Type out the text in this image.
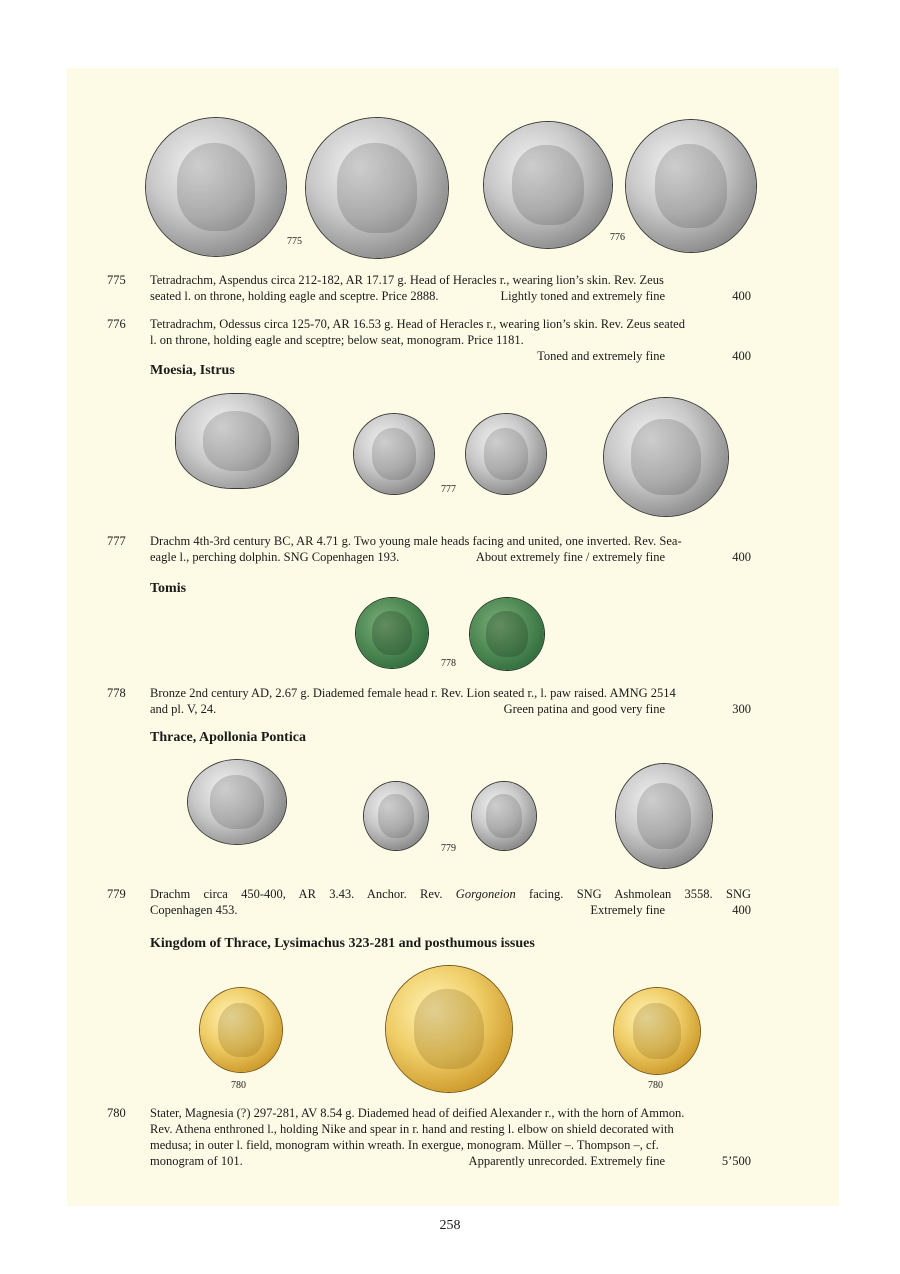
775	776
775	Tetradrachm, Aspendus circa 212-182, AR 17.17 g. Head of Heracles r., wearing lion’s skin. Rev. Zeus
seated l. on throne, holding eagle and sceptre. Price 2888.	Lightly toned and extremely fine	400
776	Tetradrachm, Odessus circa 125-70, AR 16.53 g. Head of Heracles r., wearing lion’s skin. Rev. Zeus seated
l. on throne, holding eagle and sceptre; below seat, monogram. Price 1181.
Toned and extremely fine	400
Moesia, Istrus
777
777	Drachm 4th-3rd century BC, AR 4.71 g. Two young male heads facing and united, one inverted. Rev. Sea-
eagle l., perching dolphin. SNG Copenhagen 193.	About extremely fine / extremely fine	400
Tomis
778
778	Bronze 2nd century AD, 2.67 g. Diademed female head r. Rev. Lion seated r., l. paw raised. AMNG 2514
and pl. V, 24.	Green patina and good very fine	300
Thrace, Apollonia Pontica
779
779	Drachm circa 450-400, AR 3.43. Anchor. Rev. Gorgoneion facing. SNG Ashmolean 3558. SNG
Copenhagen 453.	Extremely fine	400
Kingdom of Thrace, Lysimachus 323-281 and posthumous issues
780	780
780	Stater, Magnesia (?) 297-281, AV 8.54 g. Diademed head of deified Alexander r., with the horn of Ammon.
Rev. Athena enthroned l., holding Nike and spear in r. hand and resting l. elbow on shield decorated with
medusa; in outer l. field, monogram within wreath. In exergue, monogram. Müller –. Thompson –, cf.
monogram of 101.	Apparently unrecorded. Extremely fine	5’500
258
